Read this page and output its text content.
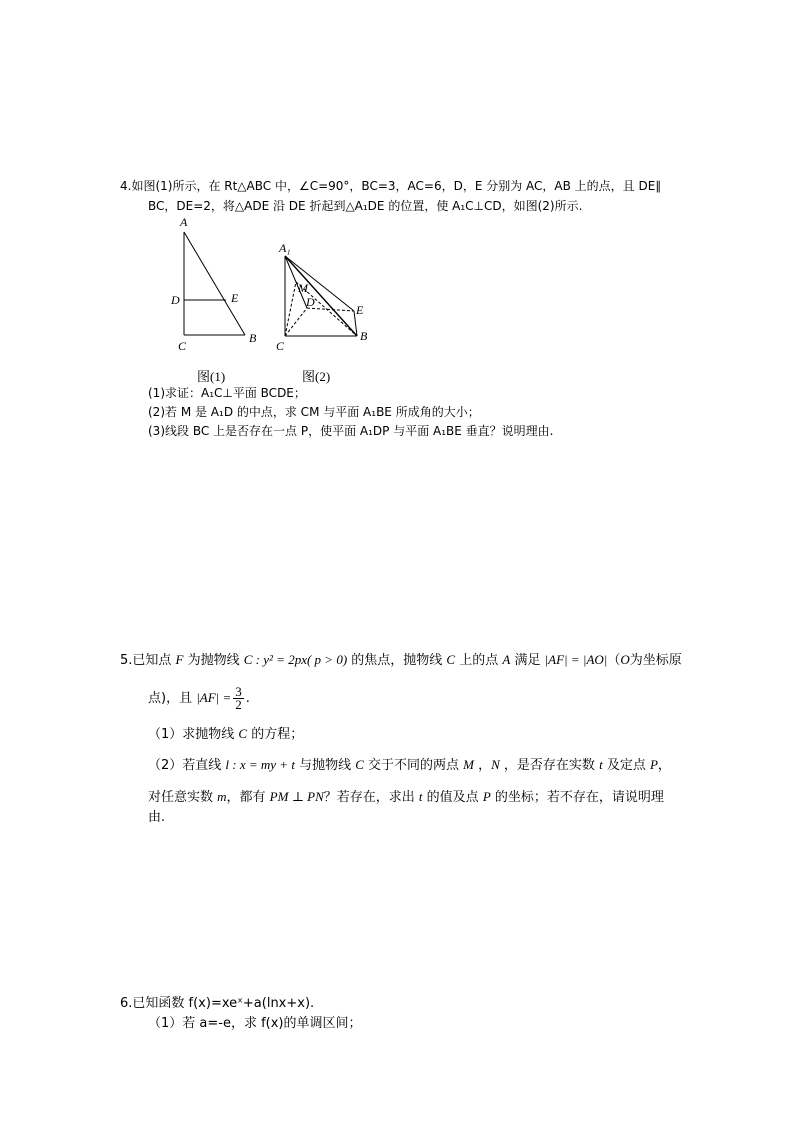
4.如图(1)所示，在 Rt△ABC 中，∠C=90°，BC=3，AC=6，D，E 分别为 AC，AB 上的点，且 DE∥
BC，DE=2，将△ADE 沿 DE 折起到△A₁DE 的位置，使 A₁C⊥CD，如图(2)所示.
A
D	E
C
B
A₁
M
D
E
B
C
图(1)	图(2)
(1)求证：A₁C⊥平面 BCDE；
(2)若 M 是 A₁D 的中点，求 CM 与平面 A₁BE 所成角的大小；
(3)线段 BC 上是否存在一点 P，使平面 A₁DP 与平面 A₁BE 垂直？说明理由.
5.已知点 F 为抛物线 C : y² = 2px( p > 0) 的焦点，抛物线 C 上的点 A 满足 |AF| = |AO|（O为坐标原
点)，且 $|AF| = \frac{3}{2}$ .
（1）求抛物线 C 的方程；
（2）若直线 l : x = my + t 与抛物线 C 交于不同的两点 M ，N ，是否存在实数 t 及定点 P，
对任意实数 m，都有 PM ⊥ PN？若存在，求出 t 的值及点 P 的坐标；若不存在，请说明理
由.
6.已知函数 f(x)=xeˣ+a(lnx+x).
（1）若 a=-e，求 f(x)的单调区间；
